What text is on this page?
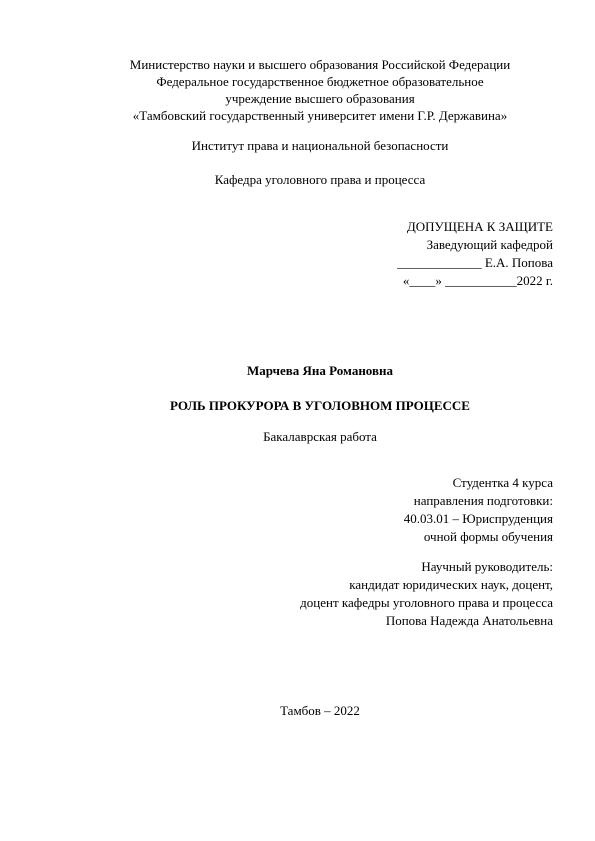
Министерство науки и высшего образования Российской Федерации
Федеральное государственное бюджетное образовательное
учреждение высшего образования
«Тамбовский государственный университет имени Г.Р. Державина»
Институт права и национальной безопасности
Кафедра уголовного права и процесса
ДОПУЩЕНА К ЗАЩИТЕ
Заведующий кафедрой
_____________ Е.А. Попова
«____» ___________2022 г.
Марчева Яна Романовна
РОЛЬ ПРОКУРОРА В УГОЛОВНОМ ПРОЦЕССЕ
Бакалаврская работа
Студентка 4 курса
направления подготовки:
40.03.01 – Юриспруденция
очной формы обучения
Научный руководитель:
кандидат юридических наук, доцент,
доцент кафедры уголовного права и процесса
Попова Надежда Анатольевна
Тамбов – 2022
